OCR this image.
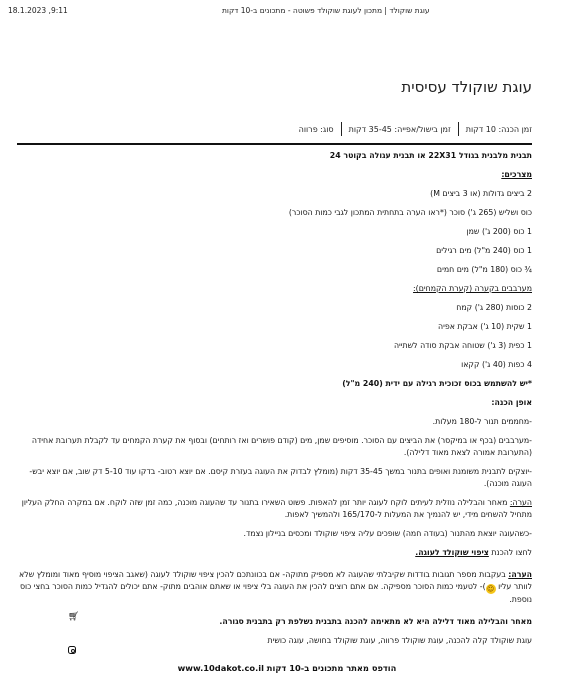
18.1.2023 ,9:11	עוגת שוקולד | מתכון לעוגת שוקולד פשוטה - מתכונים ב-10 דקות
עוגת שוקולד עסיסית
זמן הכנה: 10 דקות
זמן בישול/אפייה: 35-45 דקות
סוג: פרווה

תבנית מלבנית בגודל 22X31 או תבנית עגולה בקוטר 24

מצרכים:

2 ביצים גדולות (או 3 ביצים M)

כוס ושליש (265 ג') סוכר (*ראו הערה בתחתית המתכון לגבי כמות הסוכר)

1 כוס (200 ג') שמן

1 כוס (240 מ"ל) מים רגילים

¾ כוס (180 מ"ל) מים חמים

מערבבים בקערה (קערת הקמחים):

2 כוסות (280 ג') קמח

1 שקית (10 ג') אבקת אפיה

1 כפית (3 ג') שטוחה אבקת סודה לשתייה

4 כפות (40 ג') קקאו

*יש להשתמש בכוס זכוכית רגילה עם ידית (240 מ"ל)

אופן הכנה:

-מחממים תנור ל-180 מעלות.

-מערבבים (בכף או במיקסר) את הביצים עם הסוכר. מוסיפים שמן, מים (קודם פושרים ואז רותחים) ובסוף את קערת הקמחים עד לקבלת תערובת אחידה (התערובת אמורה לצאת מאוד דלילה).

-יוצקים לתבנית משומנת ואופים בתנור במשך 35-45 דקות (מומלץ לבדוק את העוגה בעזרת קיסם. אם יוצא רטוב- בדקו עוד 5-10 דק שוב, אם יוצא יבש- העוגה מוכנה).

הערה: מאחר והבלילה נוזלית לעיתים לוקח לעוגה יותר זמן להאפות. פשוט השאירו בתנור עד שהעוגה מוכנה, כמה זמן שזה לוקח. אם במקרה החלק העליון מתחיל להשחים מידי, יש להנמיך את המעלות ל-165/170 ולהמשיך לאפות.

-כשהעוגה יוצאת מהתנור (בעודה חמה) שופכים עליה ציפוי שוקולד ומכסים בניילון נצמד.

לחצו להכנת ציפוי שוקולד לעוגה.

הערה: בעקבות מספר תגובות בודדות שקיבלתי שהעוגה לא מספיק מתוקה- אם בכוונתכם להכין ציפוי שוקולד לעוגה (שאגב הציפוי מוסיף מאוד ומומלץ שלא לוותר עליו ☺)- לטעמי כמות הסוכר מספיקה. אם אתם רוצים להכין את העוגה בלי ציפוי או שאתם אוהבים מתוק- אתם יכולים להגדיל כמות הסוכר בחצי כוס נוספת.

מאחר והבלילה מאוד דלילה היא לא מתאימה להכנה בתבנית נשלפת רק בתבנית סגורה.

עוגת שוקולד קלה להכנה, עוגת שוקולד פרווה, עוגת שוקולד בחושה, עוגה כושית

🛒︎
הודפס מאתר מתכונים ב-10 דקות www.10dakot.co.il
